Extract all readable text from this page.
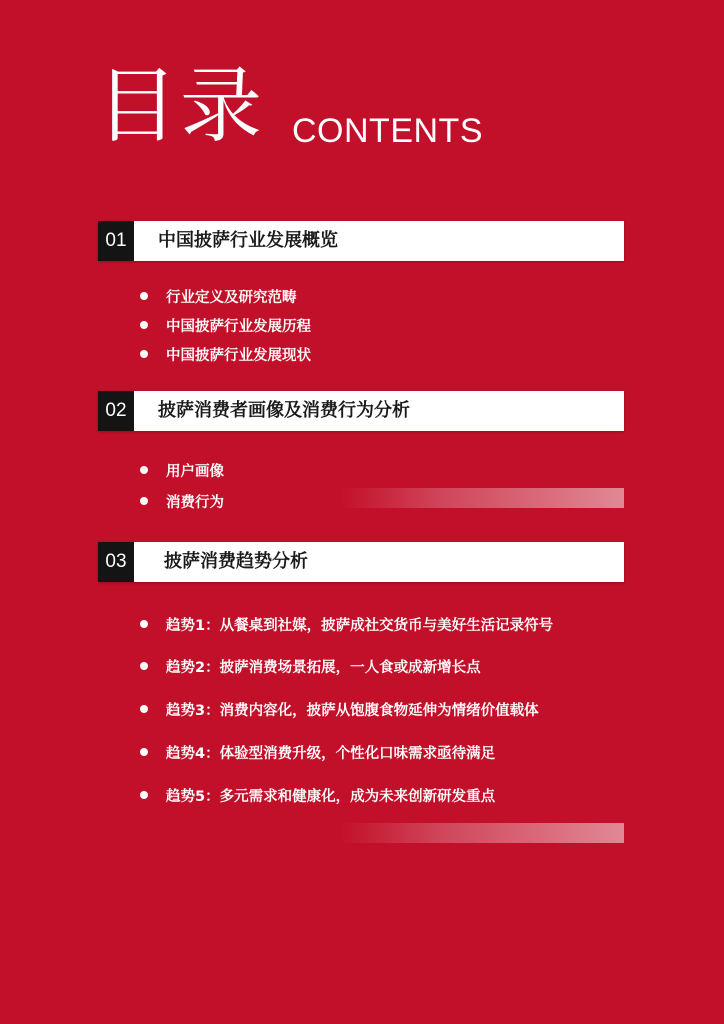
目录 CONTENTS
01	中国披萨行业发展概览
行业定义及研究范畴
中国披萨行业发展历程
中国披萨行业发展现状
02	披萨消费者画像及消费行为分析
用户画像
消费行为
03	披萨消费趋势分析
趋势1：从餐桌到社媒，披萨成社交货币与美好生活记录符号
趋势2：披萨消费场景拓展，一人食或成新增长点
趋势3：消费内容化，披萨从饱腹食物延伸为情绪价值载体
趋势4：体验型消费升级，个性化口味需求亟待满足
趋势5：多元需求和健康化，成为未来创新研发重点
